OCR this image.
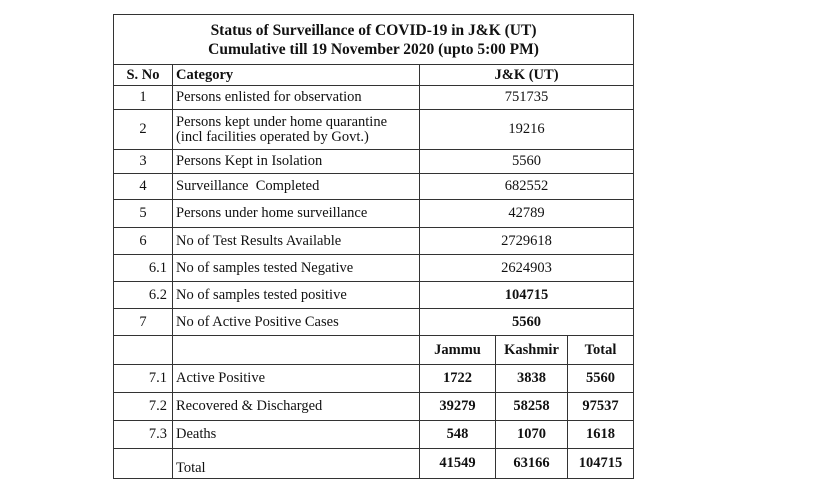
Status of Surveillance of COVID-19 in J&K (UT)
Cumulative till 19 November 2020 (upto 5:00 PM)				

S. No	Category	J&K (UT)		
1	Persons enlisted for observation	751735		
2	Persons kept under home quarantine
(incl facilities operated by Govt.)	19216		
3	Persons Kept in Isolation	5560		
4	Surveillance  Completed	682552		
5	Persons under home surveillance	42789		
6	No of Test Results Available	2729618		
6.1	No of samples tested Negative	2624903		
6.2	No of samples tested positive	104715		
7	No of Active Positive Cases	5560		
		Jammu	Kashmir	Total
7.1	Active Positive	1722	3838	5560
7.2	Recovered & Discharged	39279	58258	97537
7.3	Deaths	548	1070	1618
	Total	41549	63166	104715
